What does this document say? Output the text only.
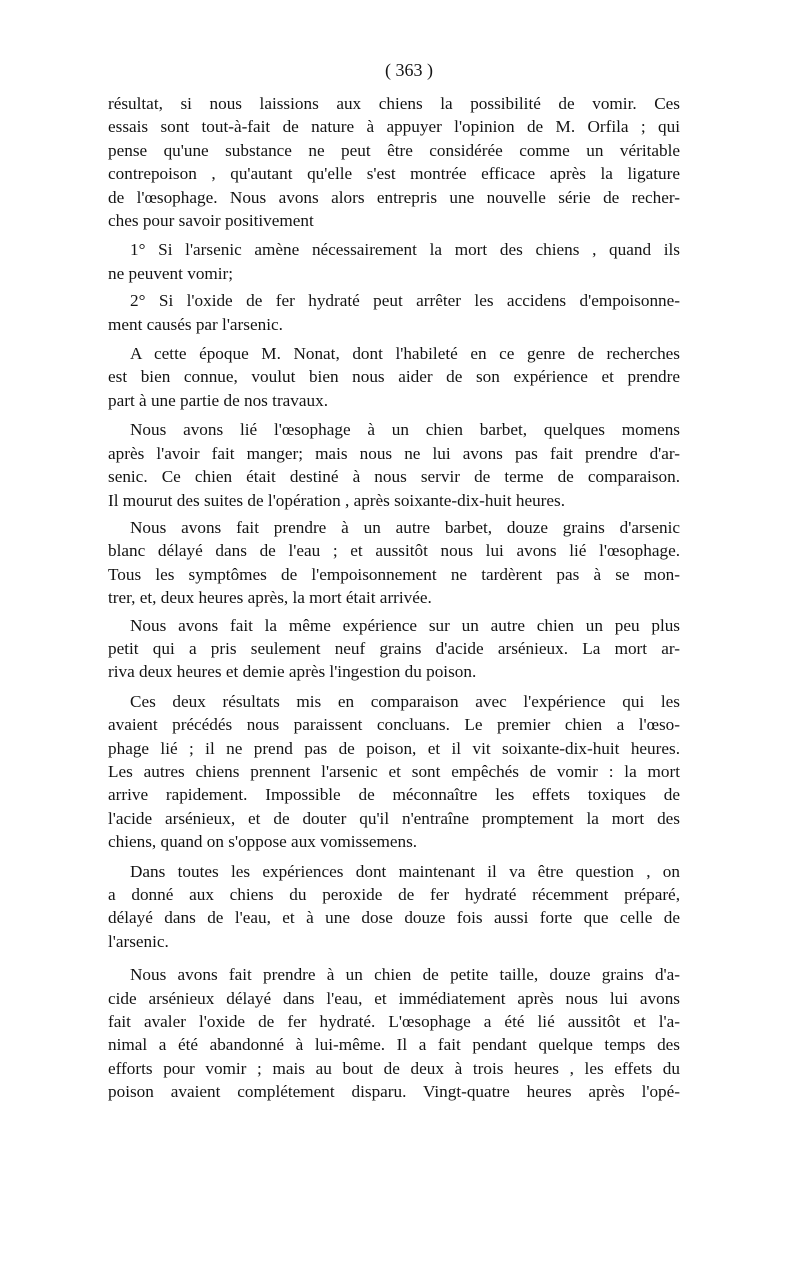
( 363 )
résultat, si nous laissions aux chiens la possibilité de vomir. Ces
essais sont tout-à-fait de nature à appuyer l'opinion de M. Orfila ; qui
pense qu'une substance ne peut être considérée comme un véritable
contrepoison , qu'autant qu'elle s'est montrée efficace après la ligature
de l'œsophage. Nous avons alors entrepris une nouvelle série de recher-
ches pour savoir positivement
1° Si l'arsenic amène nécessairement la mort des chiens , quand ils
ne peuvent vomir;
2° Si l'oxide de fer hydraté peut arrêter les accidens d'empoisonne-
ment causés par l'arsenic.
A cette époque M. Nonat, dont l'habileté en ce genre de recherches
est bien connue, voulut bien nous aider de son expérience et prendre
part à une partie de nos travaux.
Nous avons lié l'œsophage à un chien barbet, quelques momens
après l'avoir fait manger; mais nous ne lui avons pas fait prendre d'ar-
senic. Ce chien était destiné à nous servir de terme de comparaison.
Il mourut des suites de l'opération , après soixante-dix-huit heures.
Nous avons fait prendre à un autre barbet, douze grains d'arsenic
blanc délayé dans de l'eau ; et aussitôt nous lui avons lié l'œsophage.
Tous les symptômes de l'empoisonnement ne tardèrent pas à se mon-
trer, et, deux heures après, la mort était arrivée.
Nous avons fait la même expérience sur un autre chien un peu plus
petit qui a pris seulement neuf grains d'acide arsénieux. La mort ar-
riva deux heures et demie après l'ingestion du poison.
Ces deux résultats mis en comparaison avec l'expérience qui les
avaient précédés nous paraissent concluans. Le premier chien a l'œso-
phage lié ; il ne prend pas de poison, et il vit soixante-dix-huit heures.
Les autres chiens prennent l'arsenic et sont empêchés de vomir : la mort
arrive rapidement. Impossible de méconnaître les effets toxiques de
l'acide arsénieux, et de douter qu'il n'entraîne promptement la mort des
chiens, quand on s'oppose aux vomissemens.
Dans toutes les expériences dont maintenant il va être question , on
a donné aux chiens du peroxide de fer hydraté récemment préparé,
délayé dans de l'eau, et à une dose douze fois aussi forte que celle de
l'arsenic.
Nous avons fait prendre à un chien de petite taille, douze grains d'a-
cide arsénieux délayé dans l'eau, et immédiatement après nous lui avons
fait avaler l'oxide de fer hydraté. L'œsophage a été lié aussitôt et l'a-
nimal a été abandonné à lui-même. Il a fait pendant quelque temps des
efforts pour vomir ; mais au bout de deux à trois heures , les effets du
poison avaient complétement disparu. Vingt-quatre heures après l'opé-
